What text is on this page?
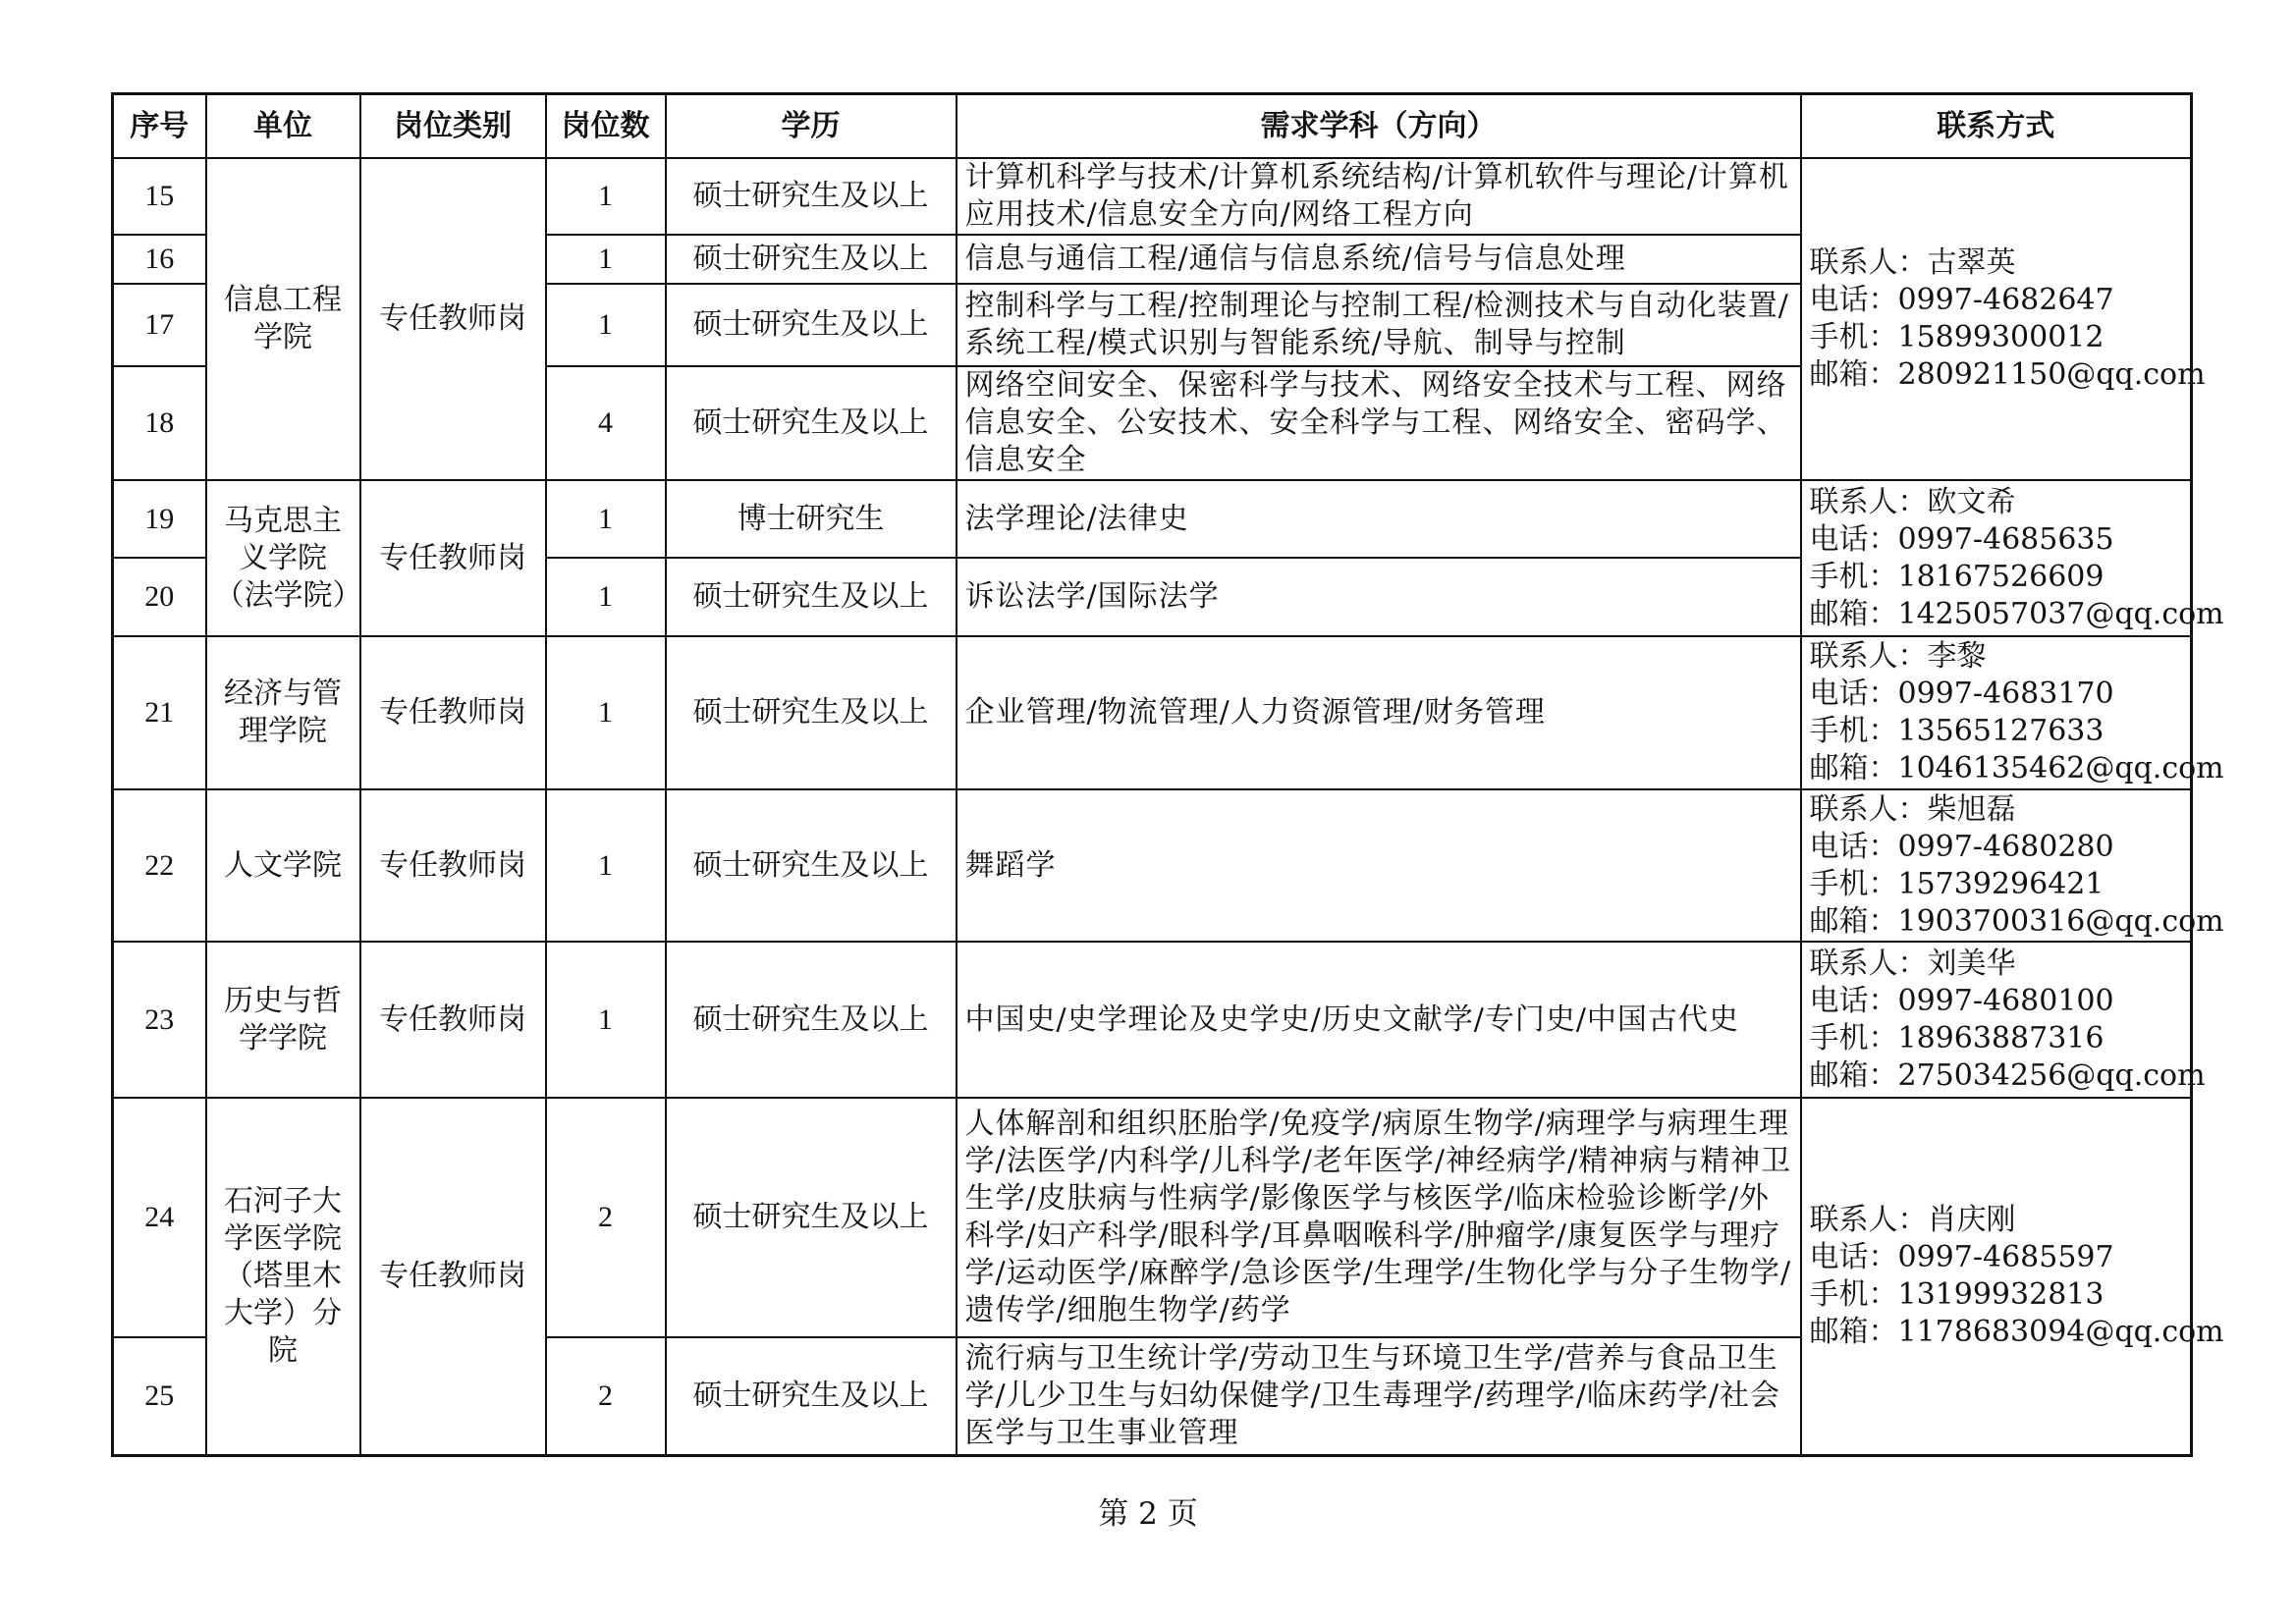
序号	单位	岗位类别	岗位数	学历	需求学科（方向）	联系方式
15	信息工程学院	专任教师岗	1	硕士研究生及以上	计算机科学与技术/计算机系统结构/计算机软件与理论/计算机应用技术/信息安全方向/网络工程方向	联系人：古翠英
电话：0997-4682647
手机：15899300012
邮箱：280921150@qq.com

16			1	硕士研究生及以上	信息与通信工程/通信与信息系统/信号与信息处理	
17			1	硕士研究生及以上	控制科学与工程/控制理论与控制工程/检测技术与自动化装置/系统工程/模式识别与智能系统/导航、制导与控制	
18			4	硕士研究生及以上	网络空间安全、保密科学与技术、网络安全技术与工程、网络信息安全、公安技术、安全科学与工程、网络安全、密码学、信息安全	
19	马克思主义学院（法学院）	专任教师岗	1	博士研究生	法学理论/法律史	联系人：欧文希
电话：0997-4685635
手机：18167526609
邮箱：1425057037@qq.com

20			1	硕士研究生及以上	诉讼法学/国际法学	
21	经济与管理学院	专任教师岗	1	硕士研究生及以上	企业管理/物流管理/人力资源管理/财务管理	联系人：李黎
电话：0997-4683170
手机：13565127633
邮箱：1046135462@qq.com

22	人文学院	专任教师岗	1	硕士研究生及以上	舞蹈学	联系人：柴旭磊
电话：0997-4680280
手机：15739296421
邮箱：1903700316@qq.com

23	历史与哲学学院	专任教师岗	1	硕士研究生及以上	中国史/史学理论及史学史/历史文献学/专门史/中国古代史	联系人：刘美华
电话：0997-4680100
手机：18963887316
邮箱：275034256@qq.com

24	石河子大学医学院（塔里木大学）分院	专任教师岗	2	硕士研究生及以上	人体解剖和组织胚胎学/免疫学/病原生物学/病理学与病理生理学/法医学/内科学/儿科学/老年医学/神经病学/精神病与精神卫生学/皮肤病与性病学/影像医学与核医学/临床检验诊断学/外科学/妇产科学/眼科学/耳鼻咽喉科学/肿瘤学/康复医学与理疗学/运动医学/麻醉学/急诊医学/生理学/生物化学与分子生物学/遗传学/细胞生物学/药学	联系人：肖庆刚
电话：0997-4685597
手机：13199932813
邮箱：1178683094@qq.com

25			2	硕士研究生及以上	流行病与卫生统计学/劳动卫生与环境卫生学/营养与食品卫生学/儿少卫生与妇幼保健学/卫生毒理学/药理学/临床药学/社会医学与卫生事业管理	
第 2 页
